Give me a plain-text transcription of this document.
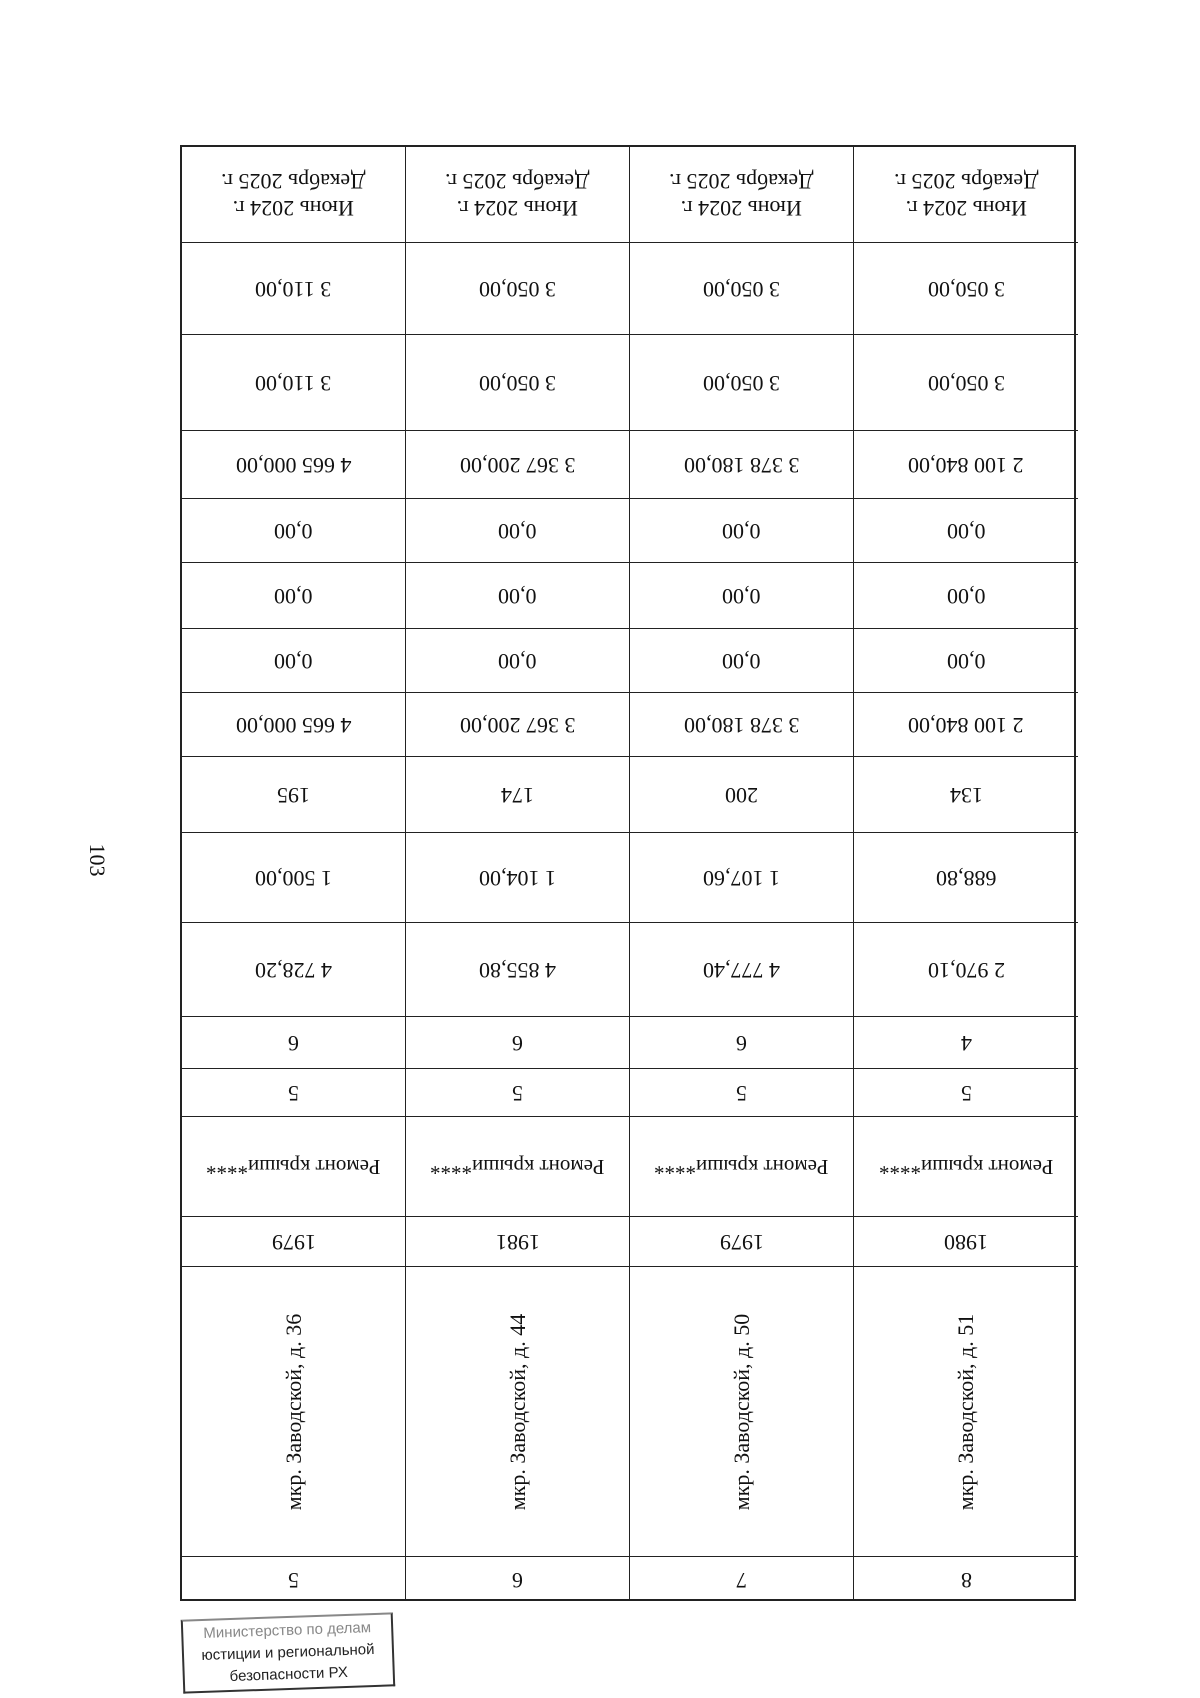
103
Июнь 2024 г.
Декабрь 2025 г.
3 110,00
3 110,00
4 665 000,00
0,00
0,00
0,00
4 665 000,00
195
1 500,00
4 728,20
6
5
Ремонт крыши****
1979
мкр. Заводской, д. 36
5
Июнь 2024 г.
Декабрь 2025 г.
3 050,00
3 050,00
3 367 200,00
0,00
0,00
0,00
3 367 200,00
174
1 104,00
4 855,80
6
5
Ремонт крыши****
1981
мкр. Заводской, д. 44
6
Июнь 2024 г.
Декабрь 2025 г.
3 050,00
3 050,00
3 378 180,00
0,00
0,00
0,00
3 378 180,00
200
1 107,60
4 777,40
6
5
Ремонт крыши****
1979
мкр. Заводской, д. 50
7
Июнь 2024 г.
Декабрь 2025 г.
3 050,00
3 050,00
2 100 840,00
0,00
0,00
0,00
2 100 840,00
134
688,80
2 970,10
4
5
Ремонт крыши****
1980
мкр. Заводской, д. 51
8
Министерство по делам
юстиции и региональной
безопасности РХ
